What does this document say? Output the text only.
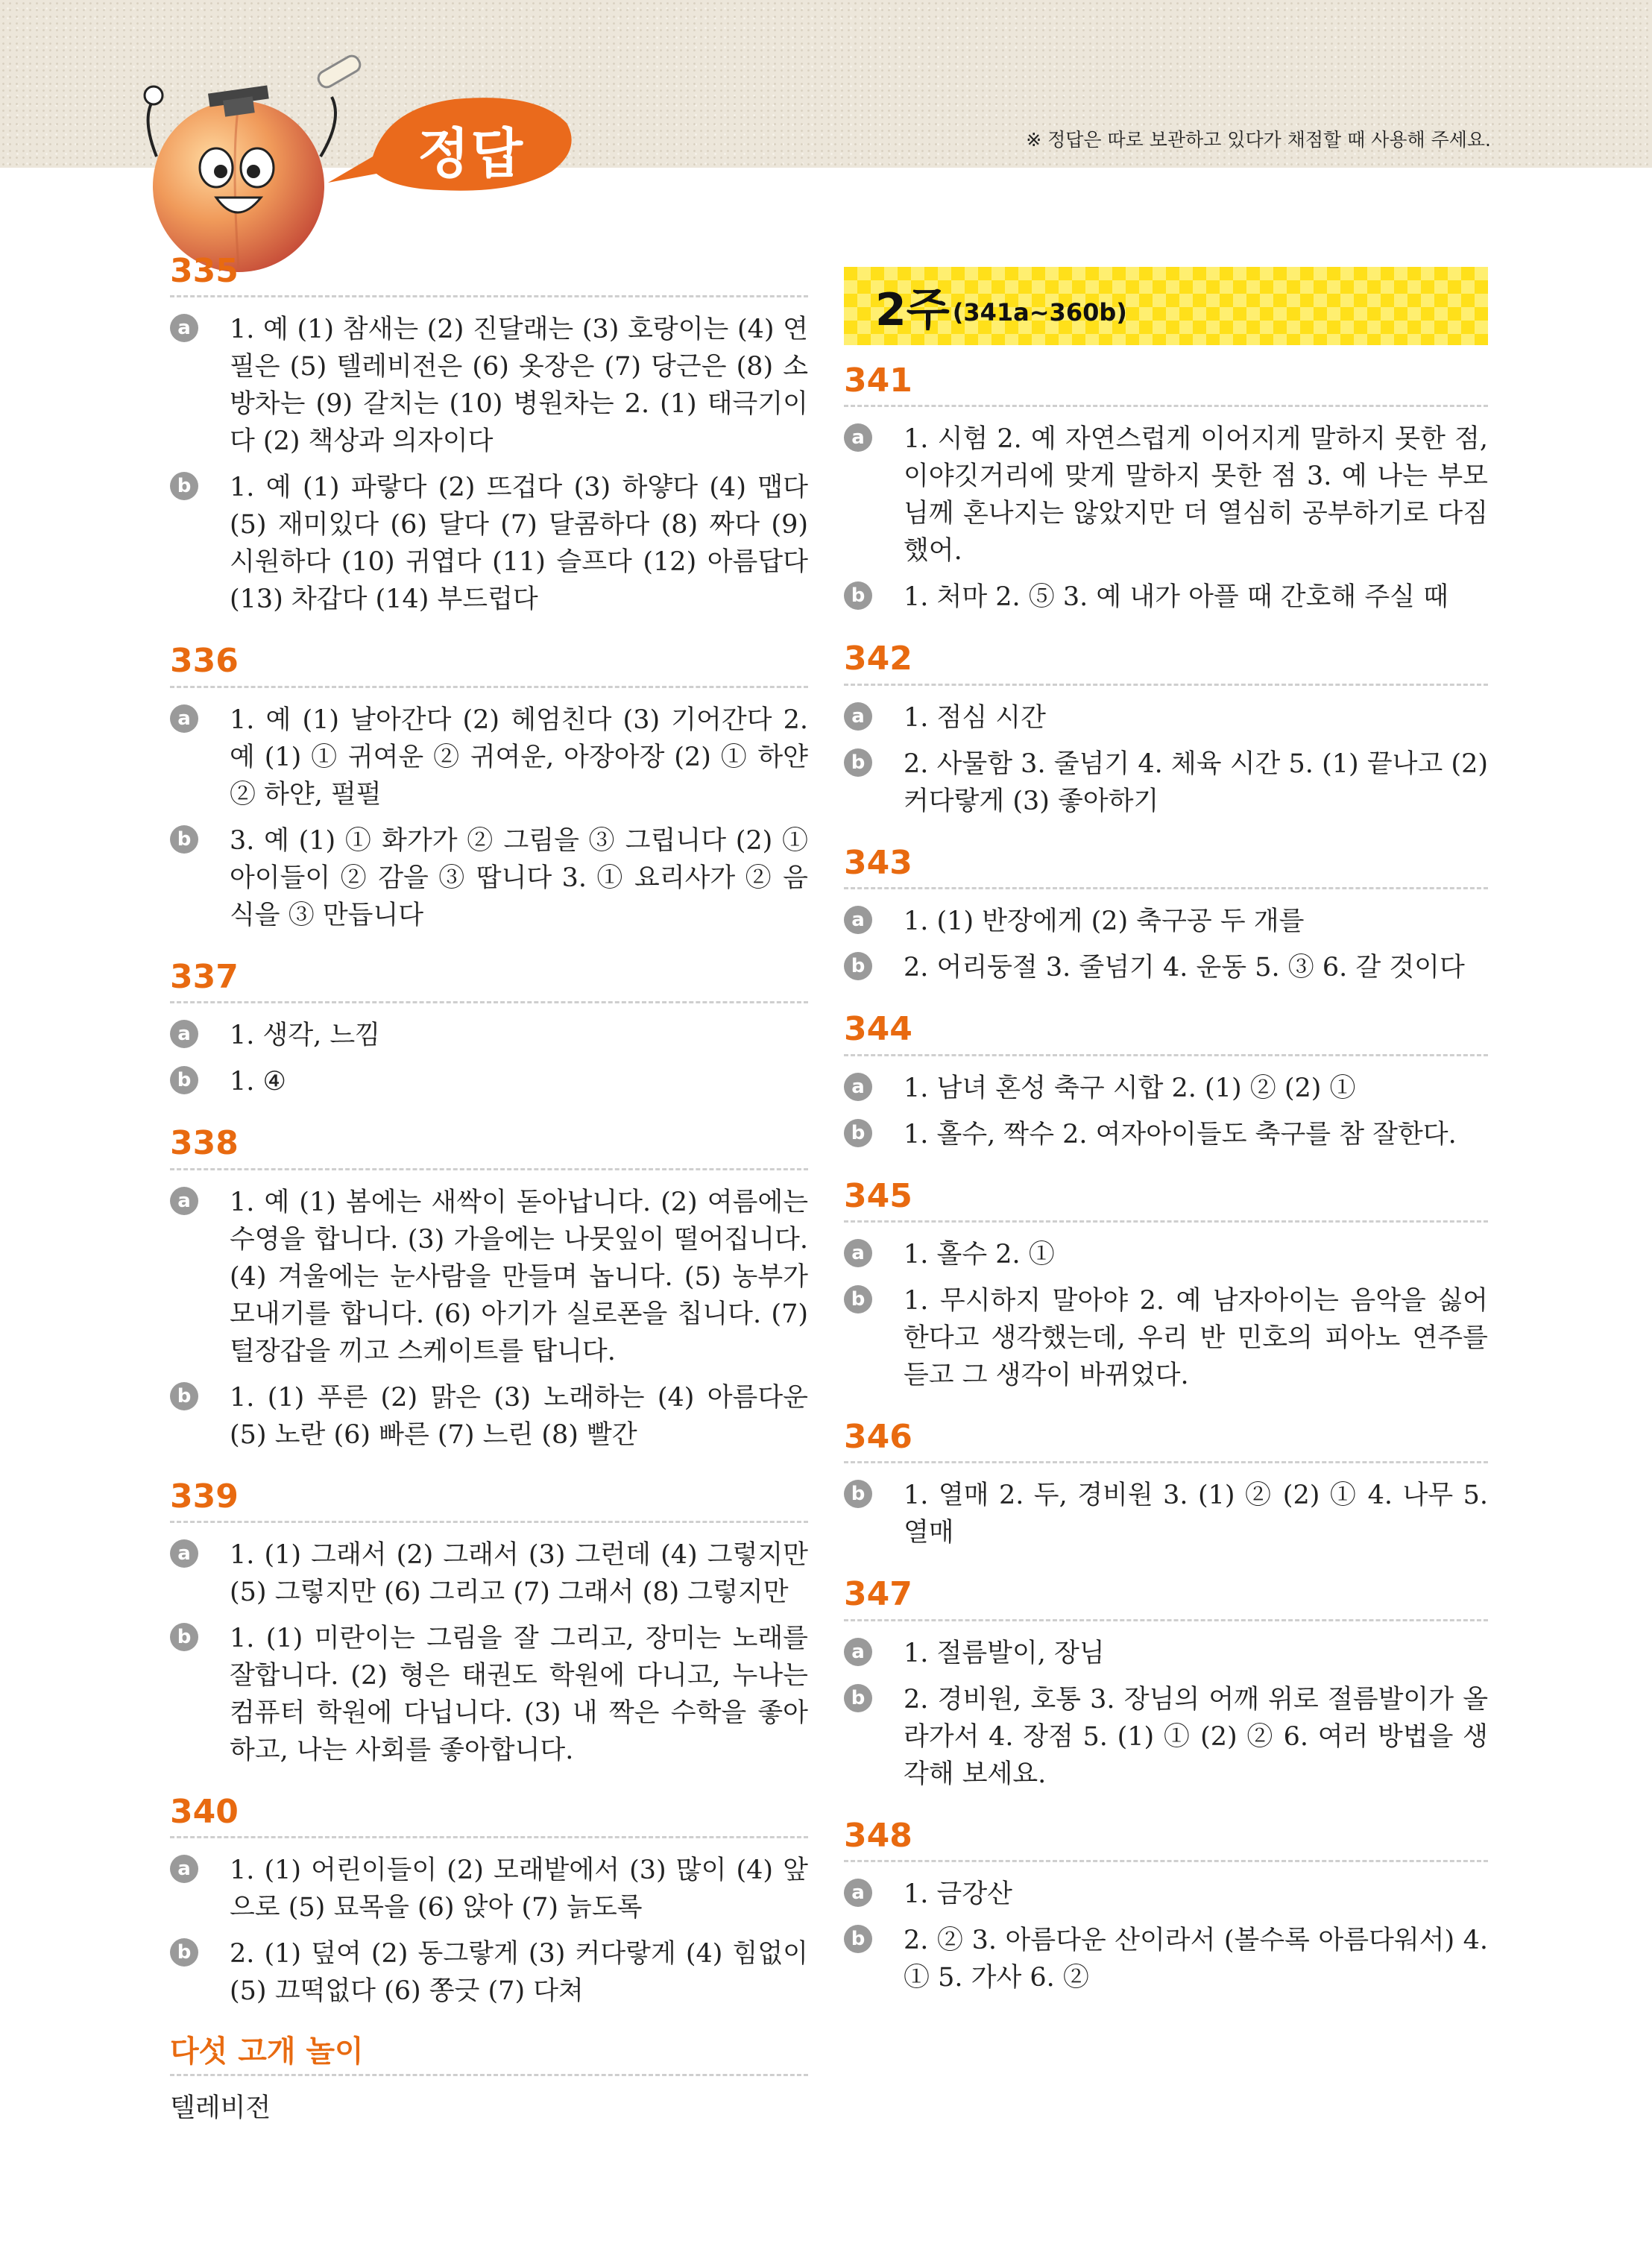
정답	※ 정답은 따로 보관하고 있다가 채점할 때 사용해 주세요.
335
a 1. 예 (1) 참새는 (2) 진달래는 (3) 호랑이는 (4) 연필은 (5) 텔레비전은 (6) 옷장은 (7) 당근은 (8) 소방차는 (9) 갈치는 (10) 병원차는 2. (1) 태극기이다 (2) 책상과 의자이다
b 1. 예 (1) 파랗다 (2) 뜨겁다 (3) 하얗다 (4) 맵다 (5) 재미있다 (6) 달다 (7) 달콤하다 (8) 짜다 (9) 시원하다 (10) 귀엽다 (11) 슬프다 (12) 아름답다 (13) 차갑다 (14) 부드럽다
336
a 1. 예 (1) 날아간다 (2) 헤엄친다 (3) 기어간다 2. 예 (1) ① 귀여운 ② 귀여운, 아장아장 (2) ① 하얀 ② 하얀, 펄펄
b 3. 예 (1) ① 화가가 ② 그림을 ③ 그립니다 (2) ① 아이들이 ② 감을 ③ 땁니다 3. ① 요리사가 ② 음식을 ③ 만듭니다
337
a 1. 생각, 느낌
b 1. ④
338
a 1. 예 (1) 봄에는 새싹이 돋아납니다. (2) 여름에는 수영을 합니다. (3) 가을에는 나뭇잎이 떨어집니다. (4) 겨울에는 눈사람을 만들며 놉니다. (5) 농부가 모내기를 합니다. (6) 아기가 실로폰을 칩니다. (7) 털장갑을 끼고 스케이트를 탑니다.
b 1. (1) 푸른 (2) 맑은 (3) 노래하는 (4) 아름다운 (5) 노란 (6) 빠른 (7) 느린 (8) 빨간
339
a 1. (1) 그래서 (2) 그래서 (3) 그런데 (4) 그렇지만 (5) 그렇지만 (6) 그리고 (7) 그래서 (8) 그렇지만
b 1. (1) 미란이는 그림을 잘 그리고, 장미는 노래를 잘합니다. (2) 형은 태권도 학원에 다니고, 누나는 컴퓨터 학원에 다닙니다. (3) 내 짝은 수학을 좋아하고, 나는 사회를 좋아합니다.
340
a 1. (1) 어린이들이 (2) 모래밭에서 (3) 많이 (4) 앞으로 (5) 묘목을 (6) 앉아 (7) 늙도록
b 2. (1) 덮여 (2) 동그랗게 (3) 커다랗게 (4) 힘없이 (5) 끄떡없다 (6) 쫑긋 (7) 다쳐
다섯 고개 놀이
텔레비전
2주 (341a~360b)
341
a 1. 시험 2. 예 자연스럽게 이어지게 말하지 못한 점, 이야깃거리에 맞게 말하지 못한 점 3. 예 나는 부모님께 혼나지는 않았지만 더 열심히 공부하기로 다짐했어.
b 1. 처마 2. ⑤ 3. 예 내가 아플 때 간호해 주실 때
342
a 1. 점심 시간
b 2. 사물함 3. 줄넘기 4. 체육 시간 5. (1) 끝나고 (2) 커다랗게 (3) 좋아하기
343
a 1. (1) 반장에게 (2) 축구공 두 개를
b 2. 어리둥절 3. 줄넘기 4. 운동 5. ③ 6. 갈 것이다
344
a 1. 남녀 혼성 축구 시합 2. (1) ② (2) ①
b 1. 홀수, 짝수 2. 여자아이들도 축구를 참 잘한다.
345
a 1. 홀수 2. ①
b 1. 무시하지 말아야 2. 예 남자아이는 음악을 싫어한다고 생각했는데, 우리 반 민호의 피아노 연주를 듣고 그 생각이 바뀌었다.
346
b 1. 열매 2. 두, 경비원 3. (1) ② (2) ① 4. 나무 5. 열매
347
a 1. 절름발이, 장님
b 2. 경비원, 호통 3. 장님의 어깨 위로 절름발이가 올라가서 4. 장점 5. (1) ① (2) ② 6. 여러 방법을 생각해 보세요.
348
a 1. 금강산
b 2. ② 3. 아름다운 산이라서 (볼수록 아름다워서) 4. ① 5. 가사 6. ②
